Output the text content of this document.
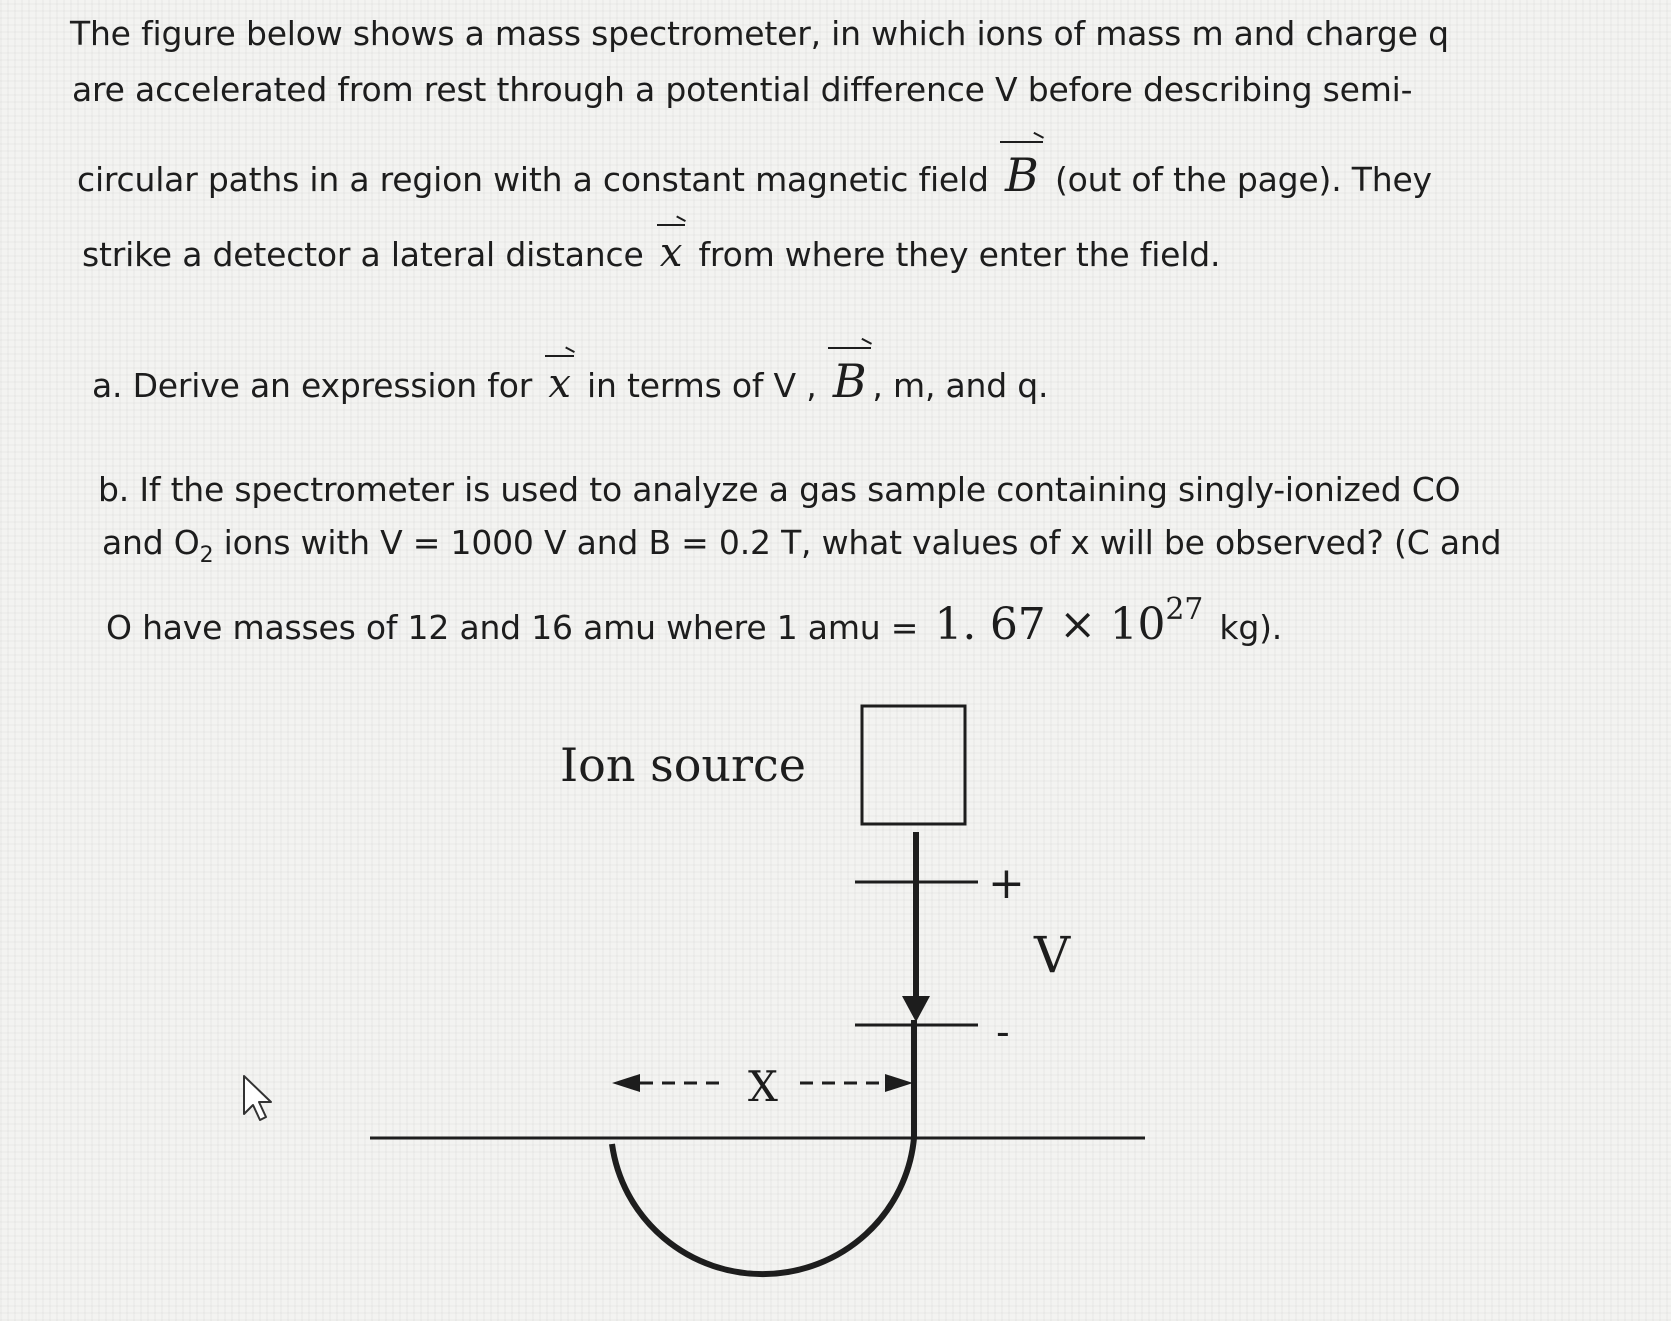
The figure below shows a mass spectrometer, in which ions of mass m and charge q
are accelerated from rest through a potential difference V before describing semi-
circular paths in a region with a constant magnetic field B (out of the page). They
strike a detector a lateral distance x from where they enter the field.
a. Derive an expression for x in terms of V , B , m, and q.
b. If the spectrometer is used to analyze a gas sample containing singly-ionized CO
and $O_2$ ions with V = 1000 V and B = 0.2 T, what values of x will be observed? (C and
O have masses of 12 and 16 amu where 1 amu = 1. $67 \times 10^{27}$ kg).
Ion source
+
V
-
X
